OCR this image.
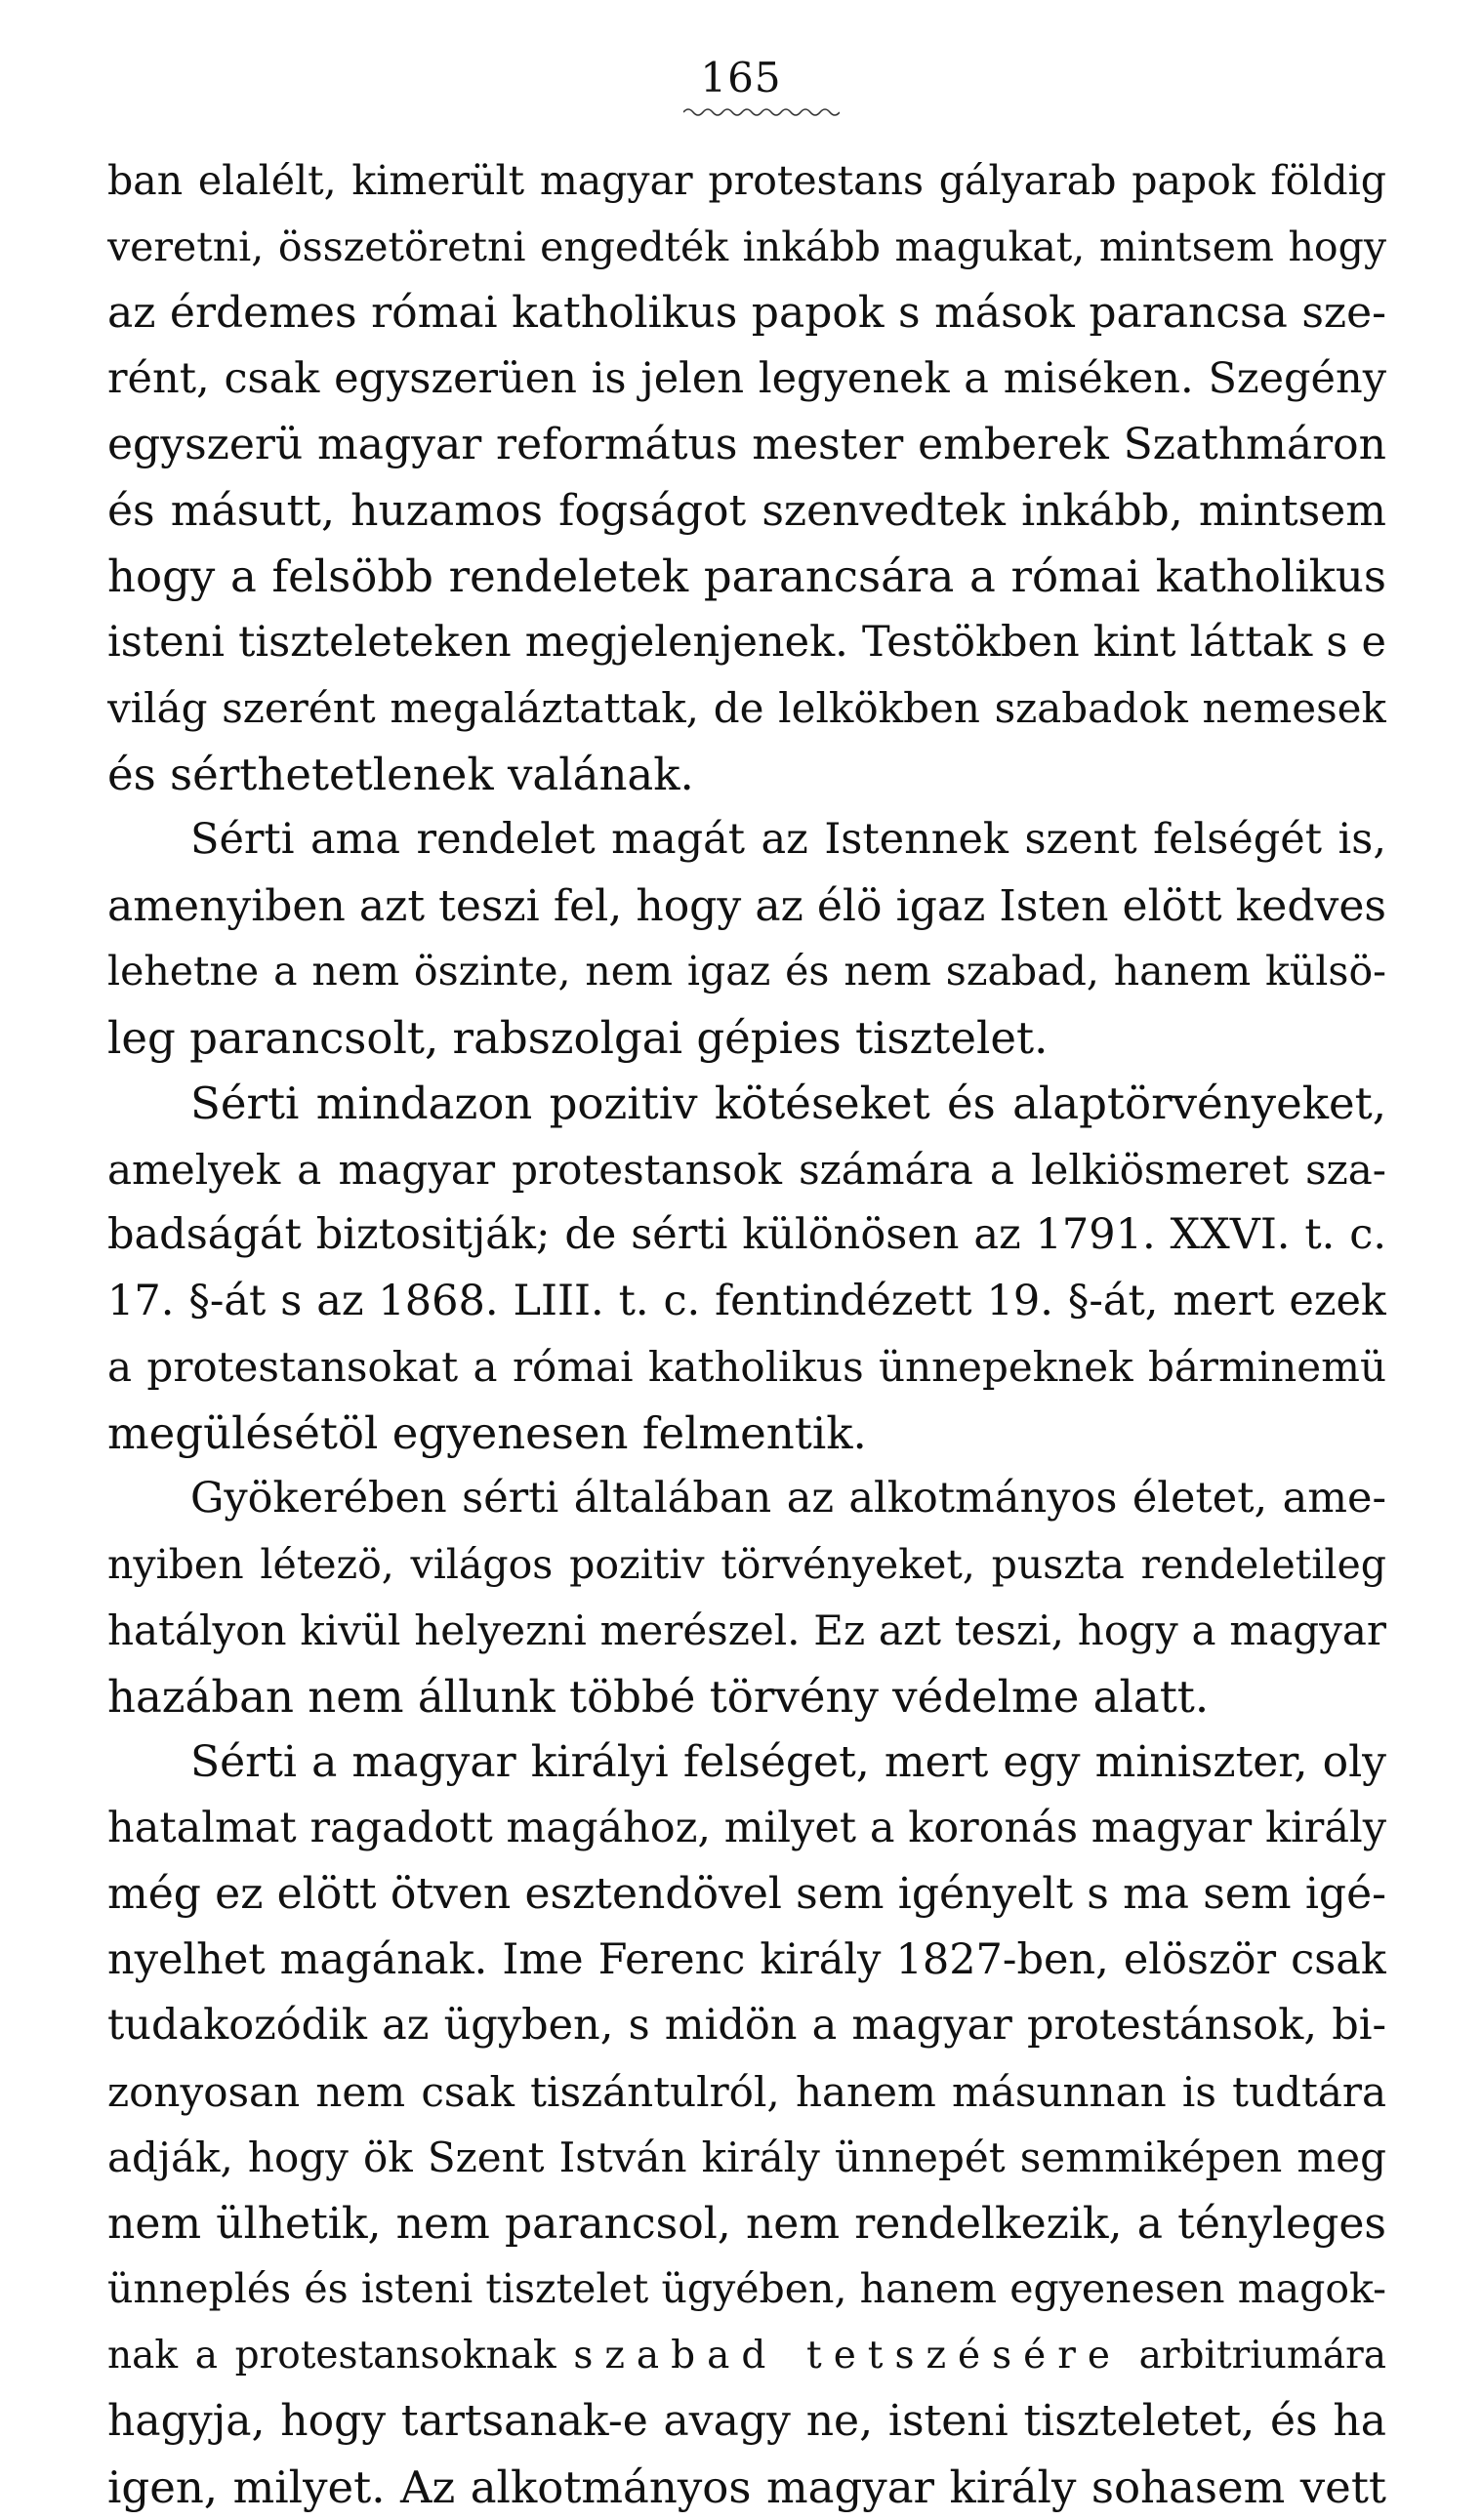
165
ban elalélt, kimerült magyar protestans gályarab papok földig
veretni, összetöretni engedték inkább magukat, mintsem hogy
az érdemes római katholikus papok s mások parancsa sze-
rént, csak egyszerüen is jelen legyenek a miséken. Szegény
egyszerü magyar református mester emberek Szathmáron
és másutt, huzamos fogságot szenvedtek inkább, mintsem
hogy a felsöbb rendeletek parancsára a római katholikus
isteni tiszteleteken megjelenjenek. Testökben kint láttak s e
világ szerént megaláztattak, de lelkökben szabadok nemesek
és sérthetetlenek valának.
Sérti ama rendelet magát az Istennek szent felségét is,
amenyiben azt teszi fel, hogy az élö igaz Isten elött kedves
lehetne a nem öszinte, nem igaz és nem szabad, hanem külsö-
leg parancsolt, rabszolgai gépies tisztelet.
Sérti mindazon pozitiv kötéseket és alaptörvényeket,
amelyek a magyar protestansok számára a lelkiösmeret sza-
badságát biztositják; de sérti különösen az 1791. XXVI. t. c.
17. §-át s az 1868. LIII. t. c. fentindézett 19. §-át, mert ezek
a protestansokat a római katholikus ünnepeknek bárminemü
megülésétöl egyenesen felmentik.
Gyökerében sérti általában az alkotmányos életet, ame-
nyiben létezö, világos pozitiv törvényeket, puszta rendeletileg
hatályon kivül helyezni merészel. Ez azt teszi, hogy a magyar
hazában nem állunk többé törvény védelme alatt.
Sérti a magyar királyi felséget, mert egy miniszter, oly
hatalmat ragadott magához, milyet a koronás magyar király
még ez elött ötven esztendövel sem igényelt s ma sem igé-
nyelhet magának. Ime Ferenc király 1827-ben, elöször csak
tudakozódik az ügyben, s midön a magyar protestánsok, bi-
zonyosan nem csak tiszántulról, hanem másunnan is tudtára
adják, hogy ök Szent István király ünnepét semmiképen meg
nem ülhetik, nem parancsol, nem rendelkezik, a tényleges
ünneplés és isteni tisztelet ügyében, hanem egyenesen magok-
nak a protestansoknak szabad tetszésére arbitriumára
hagyja, hogy tartsanak-e avagy ne, isteni tiszteletet, és ha
igen, milyet. Az alkotmányos magyar király sohasem vett
